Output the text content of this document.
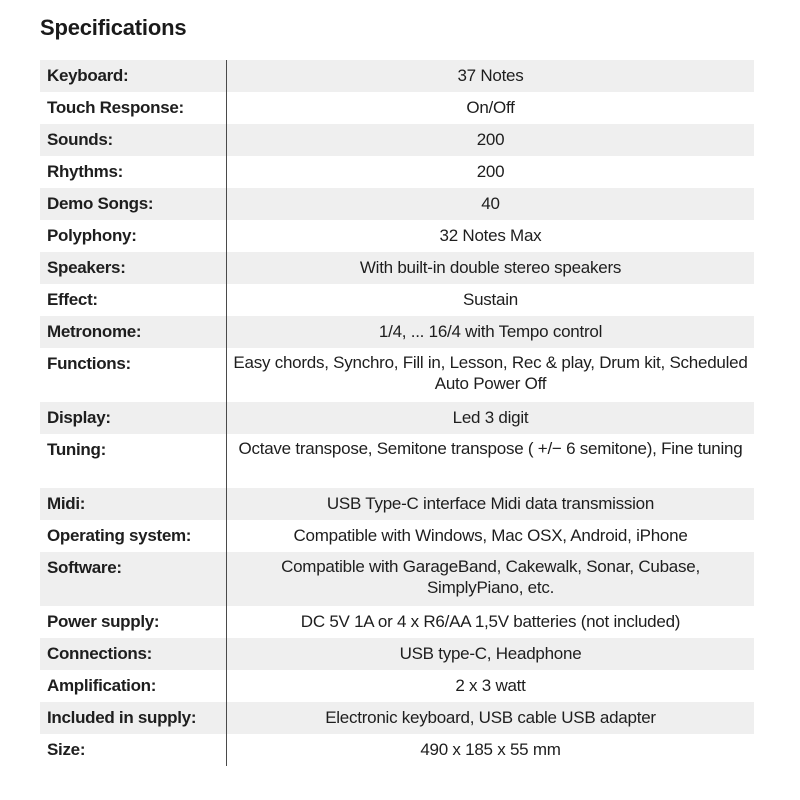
Specifications
Keyboard:	37 Notes
Touch Response:	On/Off
Sounds:	200
Rhythms:	200
Demo Songs:	40
Polyphony:	32 Notes Max
Speakers:	With built-in double stereo speakers
Effect:	Sustain
Metronome:	1/4, ... 16/4 with Tempo control
Functions:	Easy chords, Synchro, Fill in, Lesson, Rec & play, Drum kit, Scheduled Auto Power Off
Display:	Led 3 digit
Tuning:	Octave transpose, Semitone transpose ( +/− 6 semitone), Fine tuning
Midi:	USB Type-C interface Midi data transmission
Operating system:	Compatible with Windows, Mac OSX, Android, iPhone
Software:	Compatible with GarageBand, Cakewalk, Sonar, Cubase, SimplyPiano, etc.
Power supply:	DC 5V 1A or 4 x R6/AA 1,5V batteries (not included)
Connections:	USB type-C, Headphone
Amplification:	2 x 3 watt
Included in supply:	Electronic keyboard, USB cable USB adapter
Size:	490 x 185 x 55 mm
